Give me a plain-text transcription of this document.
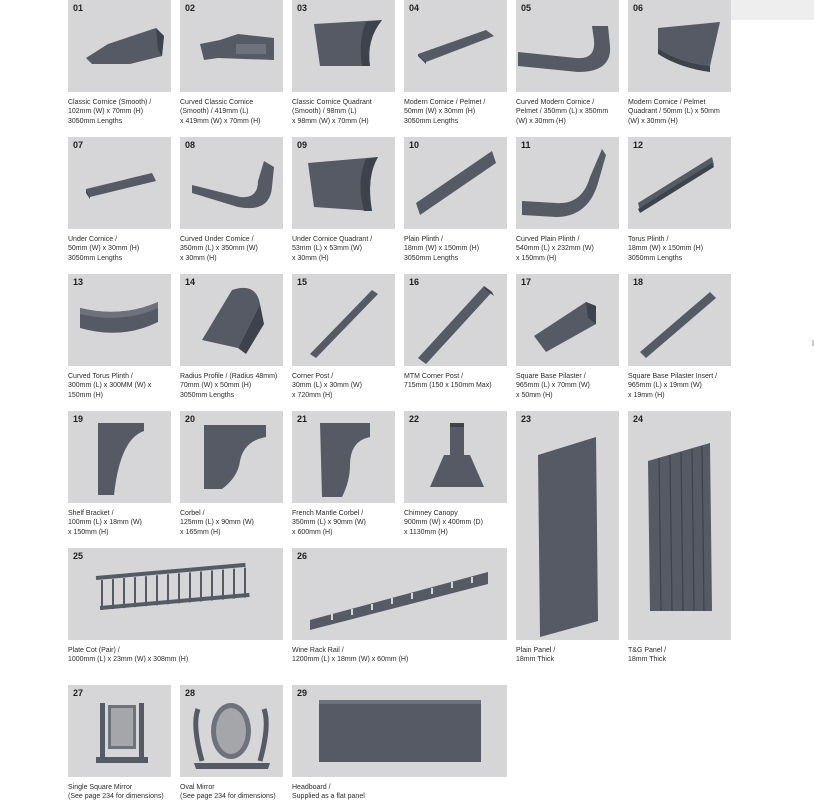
01
Classic Cornice (Smooth) /
102mm (W) x 70mm (H)
3050mm Lengths
02
Curved Classic Cornice
(Smooth) / 419mm (L)
x 419mm (W) x 70mm (H)
03
Classic Cornice Quadrant
(Smooth) / 98mm (L)
x 98mm (W) x 70mm (H)
04
Modern Cornice / Pelmet /
50mm (W) x 30mm (H)
3050mm Lengths
05
Curved Modern Cornice /
Pelmet / 350mm (L) x 350mm
(W) x 30mm (H)
06
Modern Cornice / Pelmet
Quadrant / 50mm (L) x 50mm
(W) x 30mm (H)
07
Under Cornice /
50mm (W) x 30mm (H)
3050mm Lengths
08
Curved Under Cornice /
350mm (L) x 350mm (W)
x 30mm (H)
09
Under Cornice Quadrant /
53mm (L) x 53mm (W)
x 30mm (H)
10
Plain Plinth /
18mm (W) x 150mm (H)
3050mm Lengths
11
Curved Plain Plinth /
540mm (L) x 232mm (W)
x 150mm (H)
12
Torus Plinth /
18mm (W) x 150mm (H)
3050mm Lengths
13
Curved Torus Plinth /
300mm (L) x 300MM (W) x
150mm (H)
14
Radius Profile / (Radius 48mm)
70mm (W) x 50mm (H)
3050mm Lengths
15
Corner Post /
30mm (L) x 30mm (W)
x 720mm (H)
16
MTM Corner Post /
715mm (150 x 150mm Max)
17
Square Base Pilaster /
965mm (L) x 70mm (W)
x 50mm (H)
18
Square Base Pilaster Insert /
965mm (L) x 19mm (W)
x 19mm (H)
19
Shelf Bracket /
100mm (L) x 18mm (W)
x 150mm (H)
20
Corbel /
125mm (L) x 90mm (W)
x 165mm (H)
21
French Mantle Corbel /
350mm (L) x 90mm (W)
x 600mm (H)
22
Chimney Canopy
900mm (W) x 400mm (D)
x 1130mm (H)
23
Plain Panel /
18mm Thick
24
T&G Panel /
18mm Thick
25
Plate Cot (Pair) /
1000mm (L) x 23mm (W) x 308mm (H)
26
Wine Rack Rail /
1200mm (L) x 18mm (W) x 60mm (H)
27
Single Square Mirror
(See page 234 for dimensions)
28
Oval Mirror
(See page 234 for dimensions)
29
Headboard /
Supplied as a flat panel
